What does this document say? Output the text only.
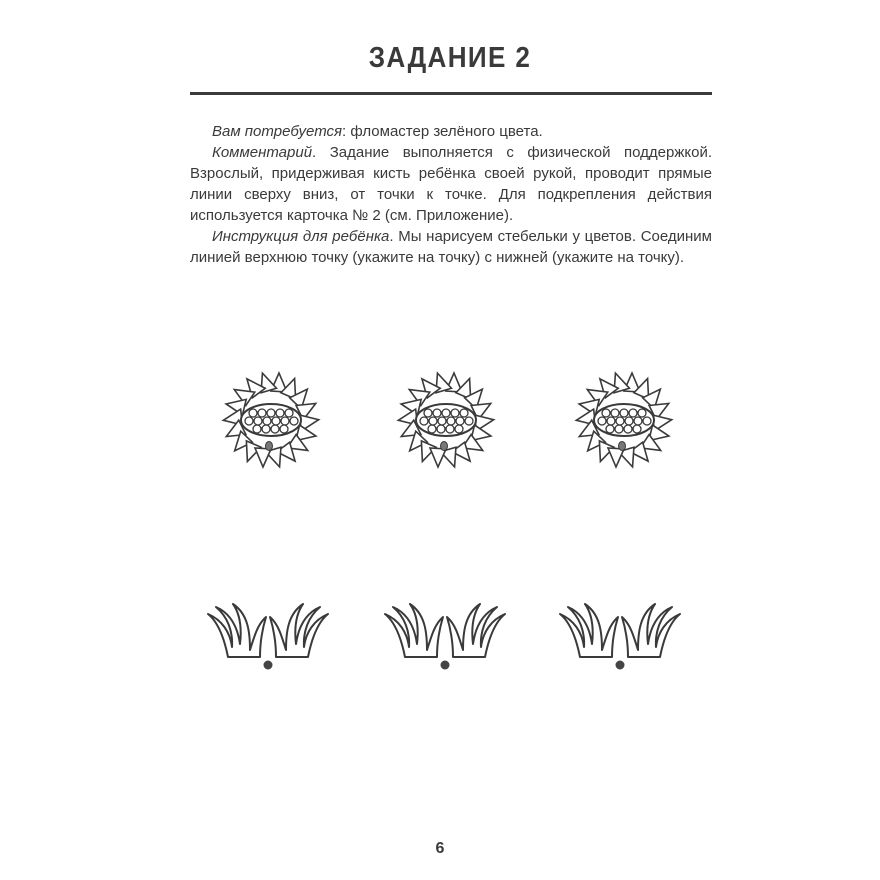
ЗАДАНИЕ 2

Вам потребуется: фломастер зелёного цвета.

Комментарий. Задание выполняется с физической поддержкой. Взрослый, придерживая кисть ребёнка своей рукой, проводит прямые линии сверху вниз, от точки к точке. Для подкрепления действия используется карточка № 2 (см. Приложение).

Инструкция для ребёнка. Мы нарисуем стебельки у цветов. Соединим линией верхнюю точку (укажите на точку) с нижней (укажите на точку).

6
